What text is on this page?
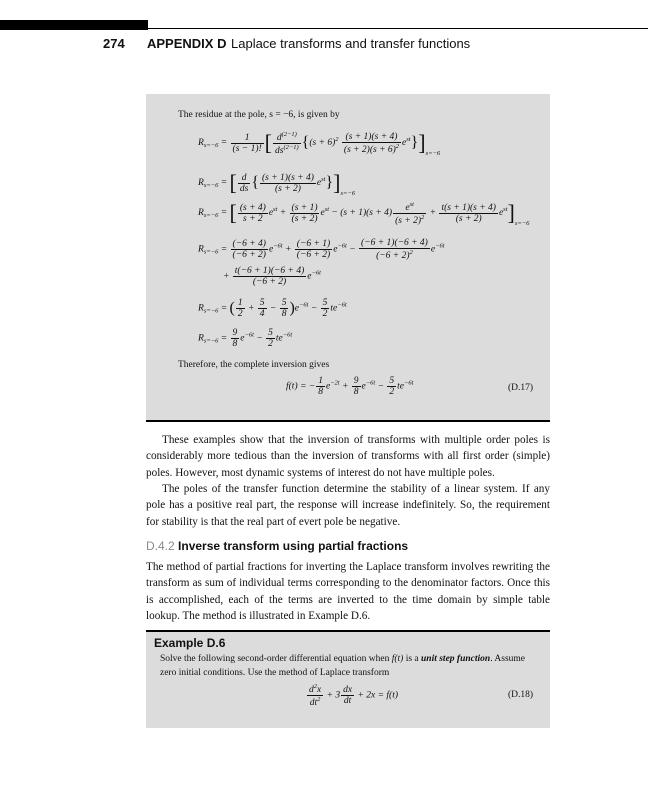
274 APPENDIX D Laplace transforms and transfer functions
The residue at the pole, s = −6, is given by
$R_{s=-6} = \frac{1}{(s - 1)!}$ [ $\frac{d^{(2-1)}}{ds^{(2-1)}} \{(s + 6)^2 \frac{(s + 1)(s + 4)}{(s + 2)(s + 6)^2} e^{st}\}]_{s=-6}$
$R_{s=-6}$ = [ $\frac{d}{ds}$ { $\frac{(s + 1)(s + 4)}{(s + 2)} e^{st}\}]_{s=-6}$
$R_{s=-6}$ = [ $\frac{(s + 4)}{s + 2} e^{st} + \frac{(s + 1)}{(s + 2)} e^{st} - (s + 1)(s + 4) \frac{e^{st}}{(s + 2)^2} + \frac{t(s + 1)(s + 4)}{(s + 2)} e^{st}]_{s=-6}$
$R_{s=-6} = \frac{(-6 + 4)}{(-6 + 2)} e^{-6t} + \frac{(-6 + 1)}{(-6 + 2)} e^{-6t} - \frac{(-6 + 1)(-6 + 4)}{(-6 + 2)^2} e^{-6t}$
+ $\frac{t(-6 + 1)(-6 + 4)}{(-6 + 2)} e^{-6t}$
$R_{s=-6}$ = ( $\frac{1}{2} + \frac{5}{4} - \frac{5}{8} )e^{-6t} - \frac{5}{2} te^{-6t}$
$R_{s=-6} = \frac{9}{8} e^{-6t} - \frac{5}{2} te^{-6t}$
Therefore, the complete inversion gives
f(t) = − $\frac{1}{8} e^{-2t} + \frac{9}{8} e^{-6t} - \frac{5}{2} te^{-6t}$	(D.17)
These examples show that the inversion of transforms with multiple order poles is considerably more tedious than the inversion of transforms with all first order (simple) poles. However, most dynamic systems of interest do not have multiple poles.
The poles of the transfer function determine the stability of a linear system. If any pole has a positive real part, the response will increase indefinitely. So, the requirement for stability is that the real part of evert pole be negative.
D.4.2 Inverse transform using partial fractions
The method of partial fractions for inverting the Laplace transform involves rewriting the transform as sum of individual terms corresponding to the denominator factors. Once this is accomplished, each of the terms are inverted to the time domain by simple table lookup. The method is illustrated in Example D.6.
Example D.6
Solve the following second-order differential equation when f(t) is a unit step function. Assume zero initial conditions. Use the method of Laplace transform
$\frac{d^2x}{dt^2} + 3 \frac{dx}{dt} + 2x = f(t)$	(D.18)
